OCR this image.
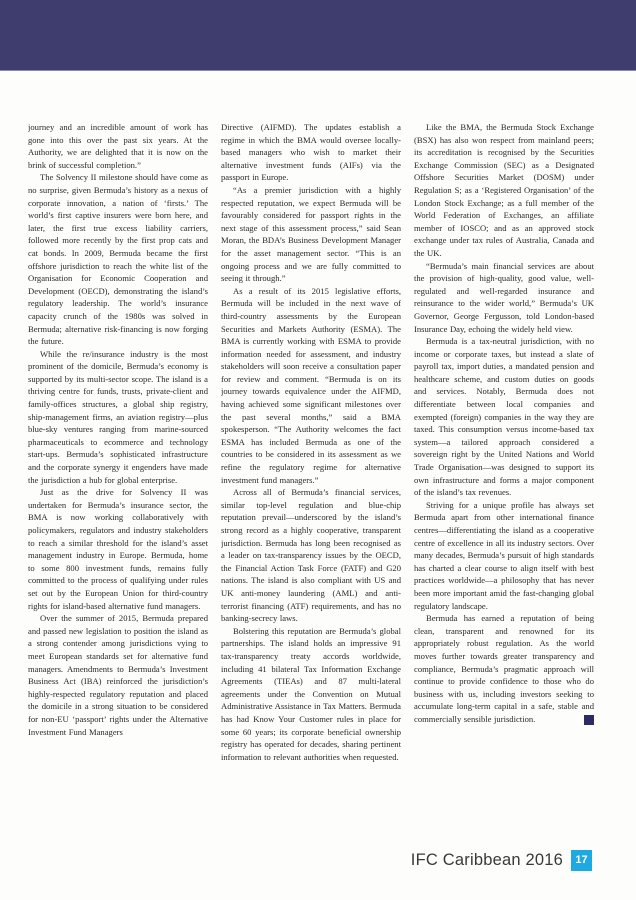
journey and an incredible amount of work has gone into this over the past six years. At the Authority, we are delighted that it is now on the brink of successful completion.”

The Solvency II milestone should have come as no surprise, given Bermuda’s history as a nexus of corporate innovation, a nation of ‘firsts.’ The world’s first captive insurers were born here, and later, the first true excess liability carriers, followed more recently by the first prop cats and cat bonds. In 2009, Bermuda became the first offshore jurisdiction to reach the white list of the Organisation for Economic Cooperation and Development (OECD), demonstrating the island’s regulatory leadership. The world’s insurance capacity crunch of the 1980s was solved in Bermuda; alternative risk-financing is now forging the future.

While the re/insurance industry is the most prominent of the domicile, Bermuda’s economy is supported by its multi-sector scope. The island is a thriving centre for funds, trusts, private-client and family-offices structures, a global ship registry, ship-management firms, an aviation registry—plus blue-sky ventures ranging from marine-sourced pharmaceuticals to ecommerce and technology start-ups. Bermuda’s sophisticated infrastructure and the corporate synergy it engenders have made the jurisdiction a hub for global enterprise.

Just as the drive for Solvency II was undertaken for Bermuda’s insurance sector, the BMA is now working collaboratively with policymakers, regulators and industry stakeholders to reach a similar threshold for the island’s asset management industry in Europe. Bermuda, home to some 800 investment funds, remains fully committed to the process of qualifying under rules set out by the European Union for third-country rights for island-based alternative fund managers.

Over the summer of 2015, Bermuda prepared and passed new legislation to position the island as a strong contender among jurisdictions vying to meet European standards set for alternative fund managers. Amendments to Bermuda’s Investment Business Act (IBA) reinforced the jurisdiction’s highly-respected regulatory reputation and placed the domicile in a strong situation to be considered for non-EU ‘passport’ rights under the Alternative Investment Fund Managers

Directive (AIFMD). The updates establish a regime in which the BMA would oversee locally-based managers who wish to market their alternative investment funds (AIFs) via the passport in Europe.

“As a premier jurisdiction with a highly respected reputation, we expect Bermuda will be favourably considered for passport rights in the next stage of this assessment process,” said Sean Moran, the BDA’s Business Development Manager for the asset management sector. “This is an ongoing process and we are fully committed to seeing it through.”

As a result of its 2015 legislative efforts, Bermuda will be included in the next wave of third-country assessments by the European Securities and Markets Authority (ESMA). The BMA is currently working with ESMA to provide information needed for assessment, and industry stakeholders will soon receive a consultation paper for review and comment. “Bermuda is on its journey towards equivalence under the AIFMD, having achieved some significant milestones over the past several months,” said a BMA spokesperson. “The Authority welcomes the fact ESMA has included Bermuda as one of the countries to be considered in its assessment as we refine the regulatory regime for alternative investment fund managers.”

Across all of Bermuda’s financial services, similar top-level regulation and blue-chip reputation prevail—underscored by the island’s strong record as a highly cooperative, transparent jurisdiction. Bermuda has long been recognised as a leader on tax-transparency issues by the OECD, the Financial Action Task Force (FATF) and G20 nations. The island is also compliant with US and UK anti-money laundering (AML) and anti-terrorist financing (ATF) requirements, and has no banking-secrecy laws.

Bolstering this reputation are Bermuda’s global partnerships. The island holds an impressive 91 tax-transparency treaty accords worldwide, including 41 bilateral Tax Information Exchange Agreements (TIEAs) and 87 multi-lateral agreements under the Convention on Mutual Administrative Assistance in Tax Matters. Bermuda has had Know Your Customer rules in place for some 60 years; its corporate beneficial ownership registry has operated for decades, sharing pertinent information to relevant authorities when requested.

Like the BMA, the Bermuda Stock Exchange (BSX) has also won respect from mainland peers; its accreditation is recognised by the Securities Exchange Commission (SEC) as a Designated Offshore Securities Market (DOSM) under Regulation S; as a ‘Registered Organisation’ of the London Stock Exchange; as a full member of the World Federation of Exchanges, an affiliate member of IOSCO; and as an approved stock exchange under tax rules of Australia, Canada and the UK.

“Bermuda’s main financial services are about the provision of high-quality, good value, well-regulated and well-regarded insurance and reinsurance to the wider world,” Bermuda’s UK Governor, George Fergusson, told London-based Insurance Day, echoing the widely held view.

Bermuda is a tax-neutral jurisdiction, with no income or corporate taxes, but instead a slate of payroll tax, import duties, a mandated pension and healthcare scheme, and custom duties on goods and services. Notably, Bermuda does not differentiate between local companies and exempted (foreign) companies in the way they are taxed. This consumption versus income-based tax system—a tailored approach considered a sovereign right by the United Nations and World Trade Organisation—was designed to support its own infrastructure and forms a major component of the island’s tax revenues.

Striving for a unique profile has always set Bermuda apart from other international finance centres—differentiating the island as a cooperative centre of excellence in all its industry sectors. Over many decades, Bermuda’s pursuit of high standards has charted a clear course to align itself with best practices worldwide—a philosophy that has never been more important amid the fast-changing global regulatory landscape.

Bermuda has earned a reputation of being clean, transparent and renowned for its appropriately robust regulation. As the world moves further towards greater transparency and compliance, Bermuda’s pragmatic approach will continue to provide confidence to those who do business with us, including investors seeking to accumulate long-term capital in a safe, stable and commercially sensible jurisdiction.

IFC Caribbean 2016	17
